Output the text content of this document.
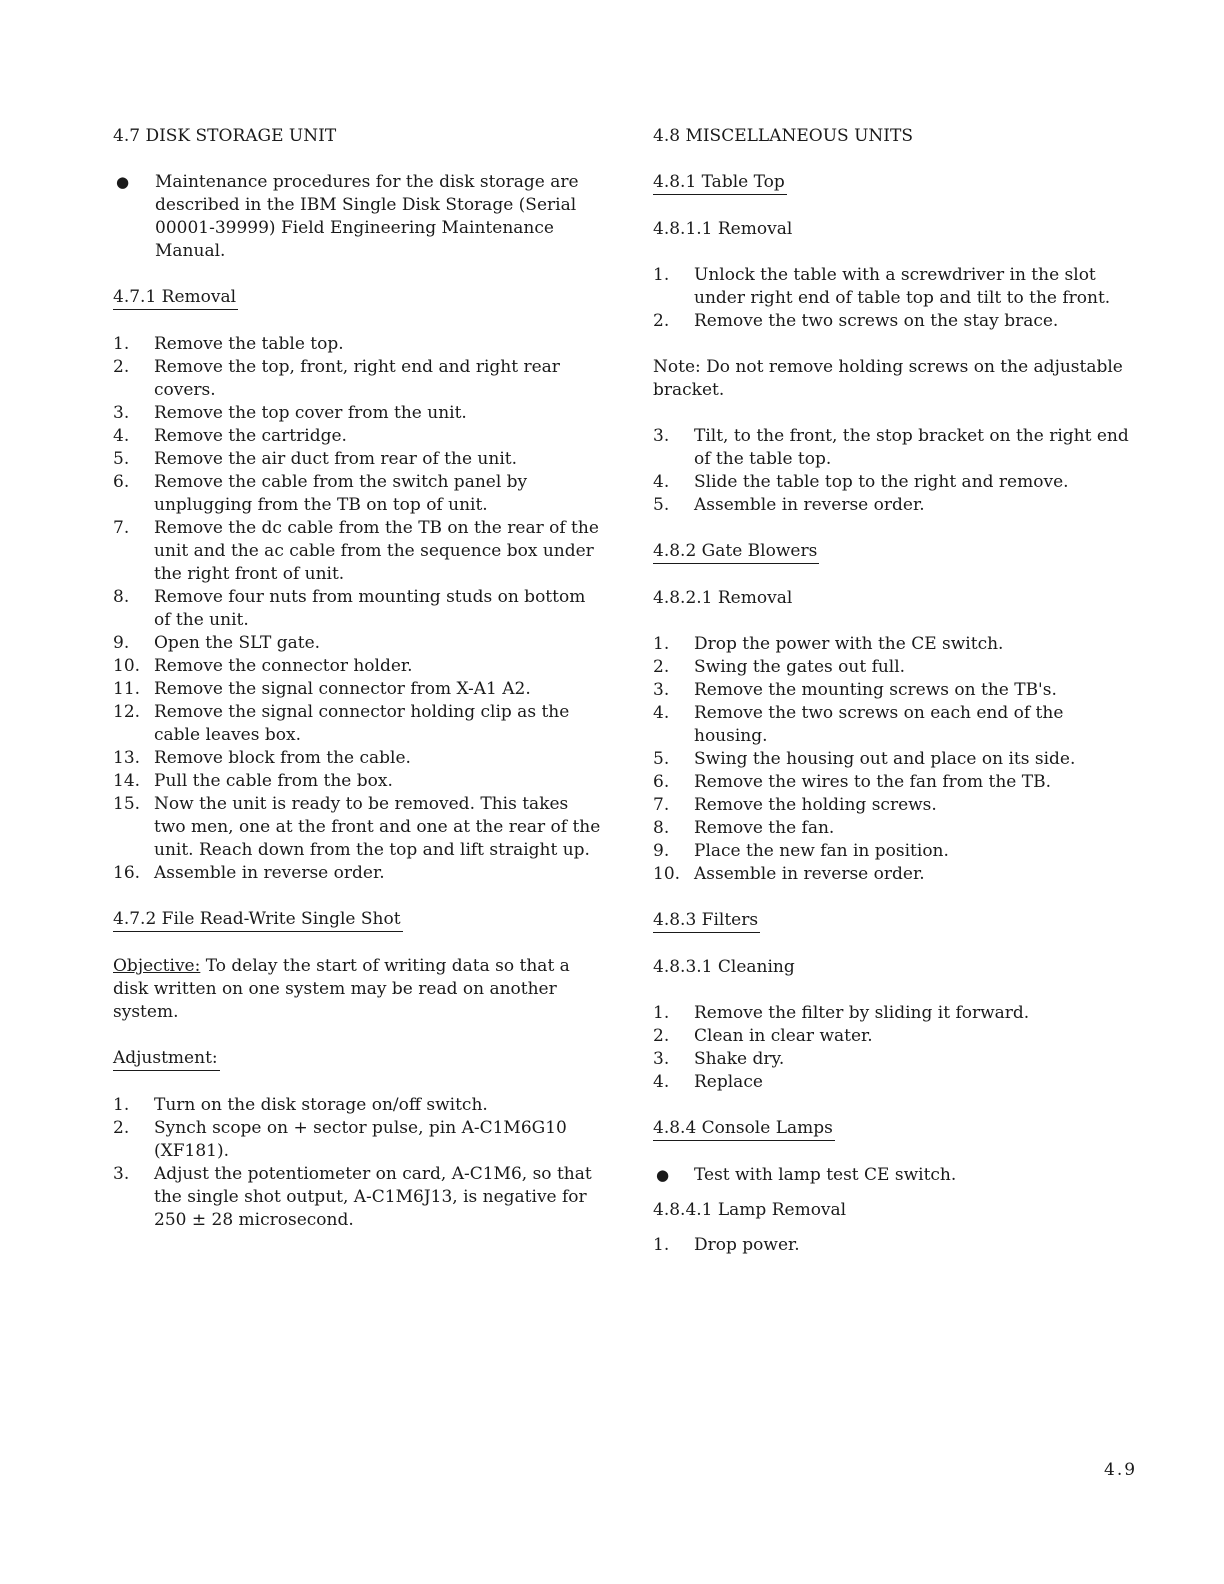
4.7 DISK STORAGE UNIT

● Maintenance procedures for the disk storage are described in the IBM Single Disk Storage (Serial 00001-39999) Field Engineering Maintenance Manual.

4.7.1 Removal

1. Remove the table top.
2. Remove the top, front, right end and right rear covers.
3. Remove the top cover from the unit.
4. Remove the cartridge.
5. Remove the air duct from rear of the unit.
6. Remove the cable from the switch panel by unplugging from the TB on top of unit.
7. Remove the dc cable from the TB on the rear of the unit and the ac cable from the sequence box under the right front of unit.
8. Remove four nuts from mounting studs on bottom of the unit.
9. Open the SLT gate.
10. Remove the connector holder.
11. Remove the signal connector from X-A1 A2.
12. Remove the signal connector holding clip as the cable leaves box.
13. Remove block from the cable.
14. Pull the cable from the box.
15. Now the unit is ready to be removed. This takes two men, one at the front and one at the rear of the unit. Reach down from the top and lift straight up.
16. Assemble in reverse order.

4.7.2 File Read-Write Single Shot

Objective: To delay the start of writing data so that a disk written on one system may be read on another system.

Adjustment:

1. Turn on the disk storage on/off switch.
2. Synch scope on + sector pulse, pin A-C1M6G10 (XF181).
3. Adjust the potentiometer on card, A-C1M6, so that the single shot output, A-C1M6J13, is negative for 250 ± 28 microsecond.

4.8 MISCELLANEOUS UNITS

4.8.1 Table Top

4.8.1.1 Removal

1. Unlock the table with a screwdriver in the slot under right end of table top and tilt to the front.
2. Remove the two screws on the stay brace.

Note: Do not remove holding screws on the adjustable bracket.

3. Tilt, to the front, the stop bracket on the right end of the table top.
4. Slide the table top to the right and remove.
5. Assemble in reverse order.

4.8.2 Gate Blowers

4.8.2.1 Removal

1. Drop the power with the CE switch.
2. Swing the gates out full.
3. Remove the mounting screws on the TB's.
4. Remove the two screws on each end of the housing.
5. Swing the housing out and place on its side.
6. Remove the wires to the fan from the TB.
7. Remove the holding screws.
8. Remove the fan.
9. Place the new fan in position.
10. Assemble in reverse order.

4.8.3 Filters

4.8.3.1 Cleaning

1. Remove the filter by sliding it forward.
2. Clean in clear water.
3. Shake dry.
4. Replace

4.8.4 Console Lamps

● Test with lamp test CE switch.

4.8.4.1 Lamp Removal

1. Drop power.
4.9
